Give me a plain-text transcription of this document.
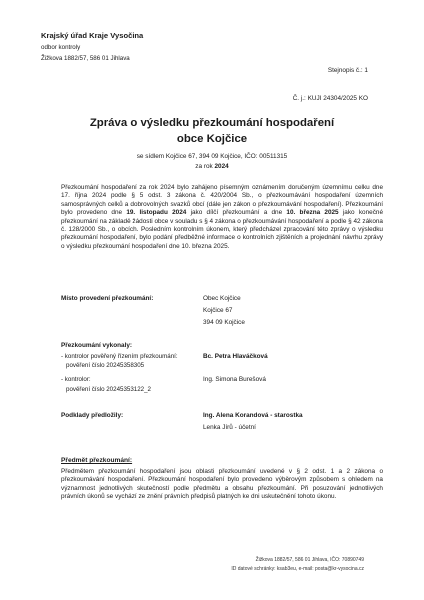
Krajský úřad Kraje Vysočina
odbor kontroly
Žižkova 1882/57, 586 01 Jihlava
Stejnopis č.: 1
Č. j.: KUJI 24304/2025 KO
Zpráva o výsledku přezkoumání hospodaření
obce Kojčice
se sídlem Kojčice 67, 394 09 Kojčice, IČO: 00511315
za rok 2024

Přezkoumání hospodaření za rok 2024 bylo zahájeno písemným oznámením doručeným územnímu celku dne 17. října 2024 podle § 5 odst. 3 zákona č. 420/2004 Sb., o přezkoumávání hospodaření územních samosprávných celků a dobrovolných svazků obcí (dále jen zákon o přezkoumávání hospodaření). Přezkoumání bylo provedeno dne 19. listopadu 2024 jako dílčí přezkoumání a dne 10. března 2025 jako konečné přezkoumání na základě žádosti obce v souladu s § 4 zákona o přezkoumávání hospodaření a podle § 42 zákona č. 128/2000 Sb., o obcích. Posledním kontrolním úkonem, který předcházel zpracování této zprávy o výsledku přezkoumání hospodaření, bylo podání předběžné informace o kontrolních zjištěních a projednání návrhu zprávy o výsledku přezkoumání hospodaření dne 10. března 2025.

Místo provedení přezkoumání:	Obec Kojčice
Kojčice 67
394 09 Kojčice
Přezkoumání vykonaly:
- kontrolor pověřený řízením přezkoumání:	Bc. Petra Hlaváčková
pověření číslo 20245358305
- kontrolor:	Ing. Simona Burešová
pověření číslo 20245353122_2
Podklady předložily:	Ing. Alena Korandová - starostka
Lenka Jírů - účetní
Předmět přezkoumání:
Předmětem přezkoumání hospodaření jsou oblasti přezkoumání uvedené v § 2 odst. 1 a 2 zákona o přezkoumávání hospodaření. Přezkoumání hospodaření bylo provedeno výběrovým způsobem s ohledem na významnost jednotlivých skutečností podle předmětu a obsahu přezkoumání. Při posuzování jednotlivých právních úkonů se vychází ze znění právních předpisů platných ke dni uskutečnění tohoto úkonu.
Žižkova 1882/57, 586 01 Jihlava, IČO: 70890749
ID datové schránky: ksab3eu, e-mail: posta@kr-vysocina.cz
